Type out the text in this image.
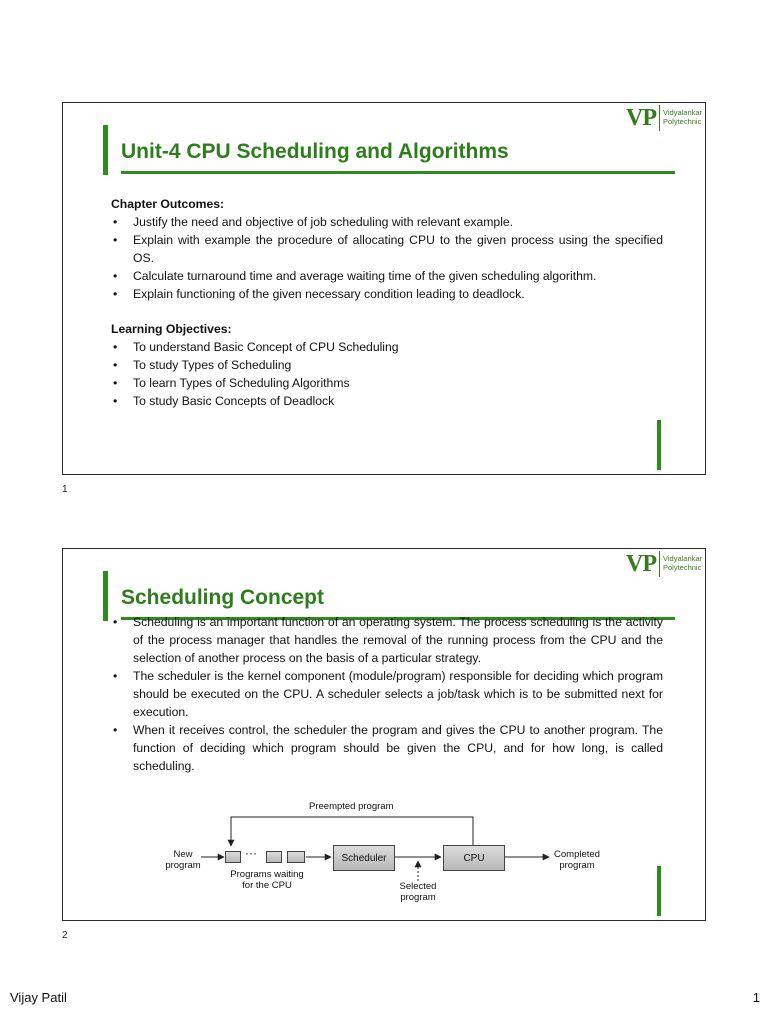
VP Vidyalankar
Polytechnic
Unit-4 CPU Scheduling and Algorithms

Chapter Outcomes:

• Justify the need and objective of job scheduling with relevant example.
• Explain with example the procedure of allocating CPU to the given process using the specified OS.
• Calculate turnaround time and average waiting time of the given scheduling algorithm.
• Explain functioning of the given necessary condition leading to deadlock.

Learning Objectives:

• To understand Basic Concept of CPU Scheduling
• To study Types of Scheduling
• To learn Types of Scheduling Algorithms
• To study Basic Concepts of Deadlock
1
VP Vidyalankar
Polytechnic
Scheduling Concept
• Scheduling is an important function of an operating system. The process scheduling is the activity of the process manager that handles the removal of the running process from the CPU and the selection of another process on the basis of a particular strategy.
• The scheduler is the kernel component (module/program) responsible for deciding which program should be executed on the CPU. A scheduler selects a job/task which is to be submitted next for execution.
• When it receives control, the scheduler the program and gives the CPU to another program. The function of deciding which program should be given the CPU, and for how long, is called scheduling.
Preempted program
New
program
···
Programs waiting
for the CPU
Scheduler	CPU
Selected
program
Completed
program
2
Vijay Patil	1
